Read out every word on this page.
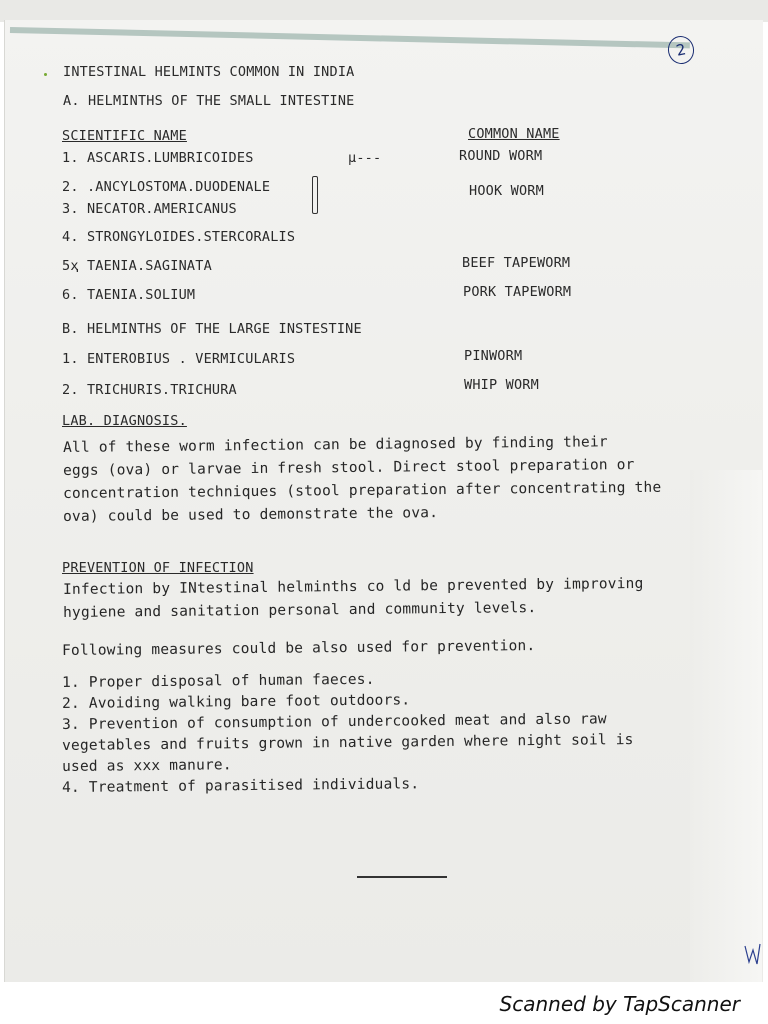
2
INTESTINAL HELMINTS COMMON IN INDIA
A. HELMINTHS OF THE SMALL INTESTINE
SCIENTIFIC NAME	COMMON NAME
1. ASCARIS.LUMBRICOIDES	µ---	ROUND WORM
2. .ANCYLOSTOMA.DUODENALE	HOOK WORM
3. NECATOR.AMERICANUS
4. STRONGYLOIDES.STERCORALIS
5ҳ TAENIA.SAGINATA	BEEF TAPEWORM
6. TAENIA.SOLIUM	PORK TAPEWORM
B. HELMINTHS OF THE LARGE INSTESTINE
1. ENTEROBIUS . VERMICULARIS	PINWORM
2. TRICHURIS.TRICHURA	WHIP WORM
LAB. DIAGNOSIS.
All of these worm infection can be diagnosed by finding their
eggs (ova) or larvae in fresh stool. Direct stool preparation or
concentration techniques (stool preparation after concentrating the
ova) could be used to demonstrate the ova.
PREVENTION OF INFECTION
Infection by INtestinal helminths co ld be prevented by improving
hygiene and sanitation personal and community levels.
Following measures could be also used for prevention.
1. Proper disposal of human faeces.
2. Avoiding walking bare foot outdoors.
3. Prevention of consumption of undercooked meat and also raw
vegetables and fruits grown in native garden where night soil is
used as xxx manure.
4. Treatment of parasitised individuals.
Scanned by TapScanner
